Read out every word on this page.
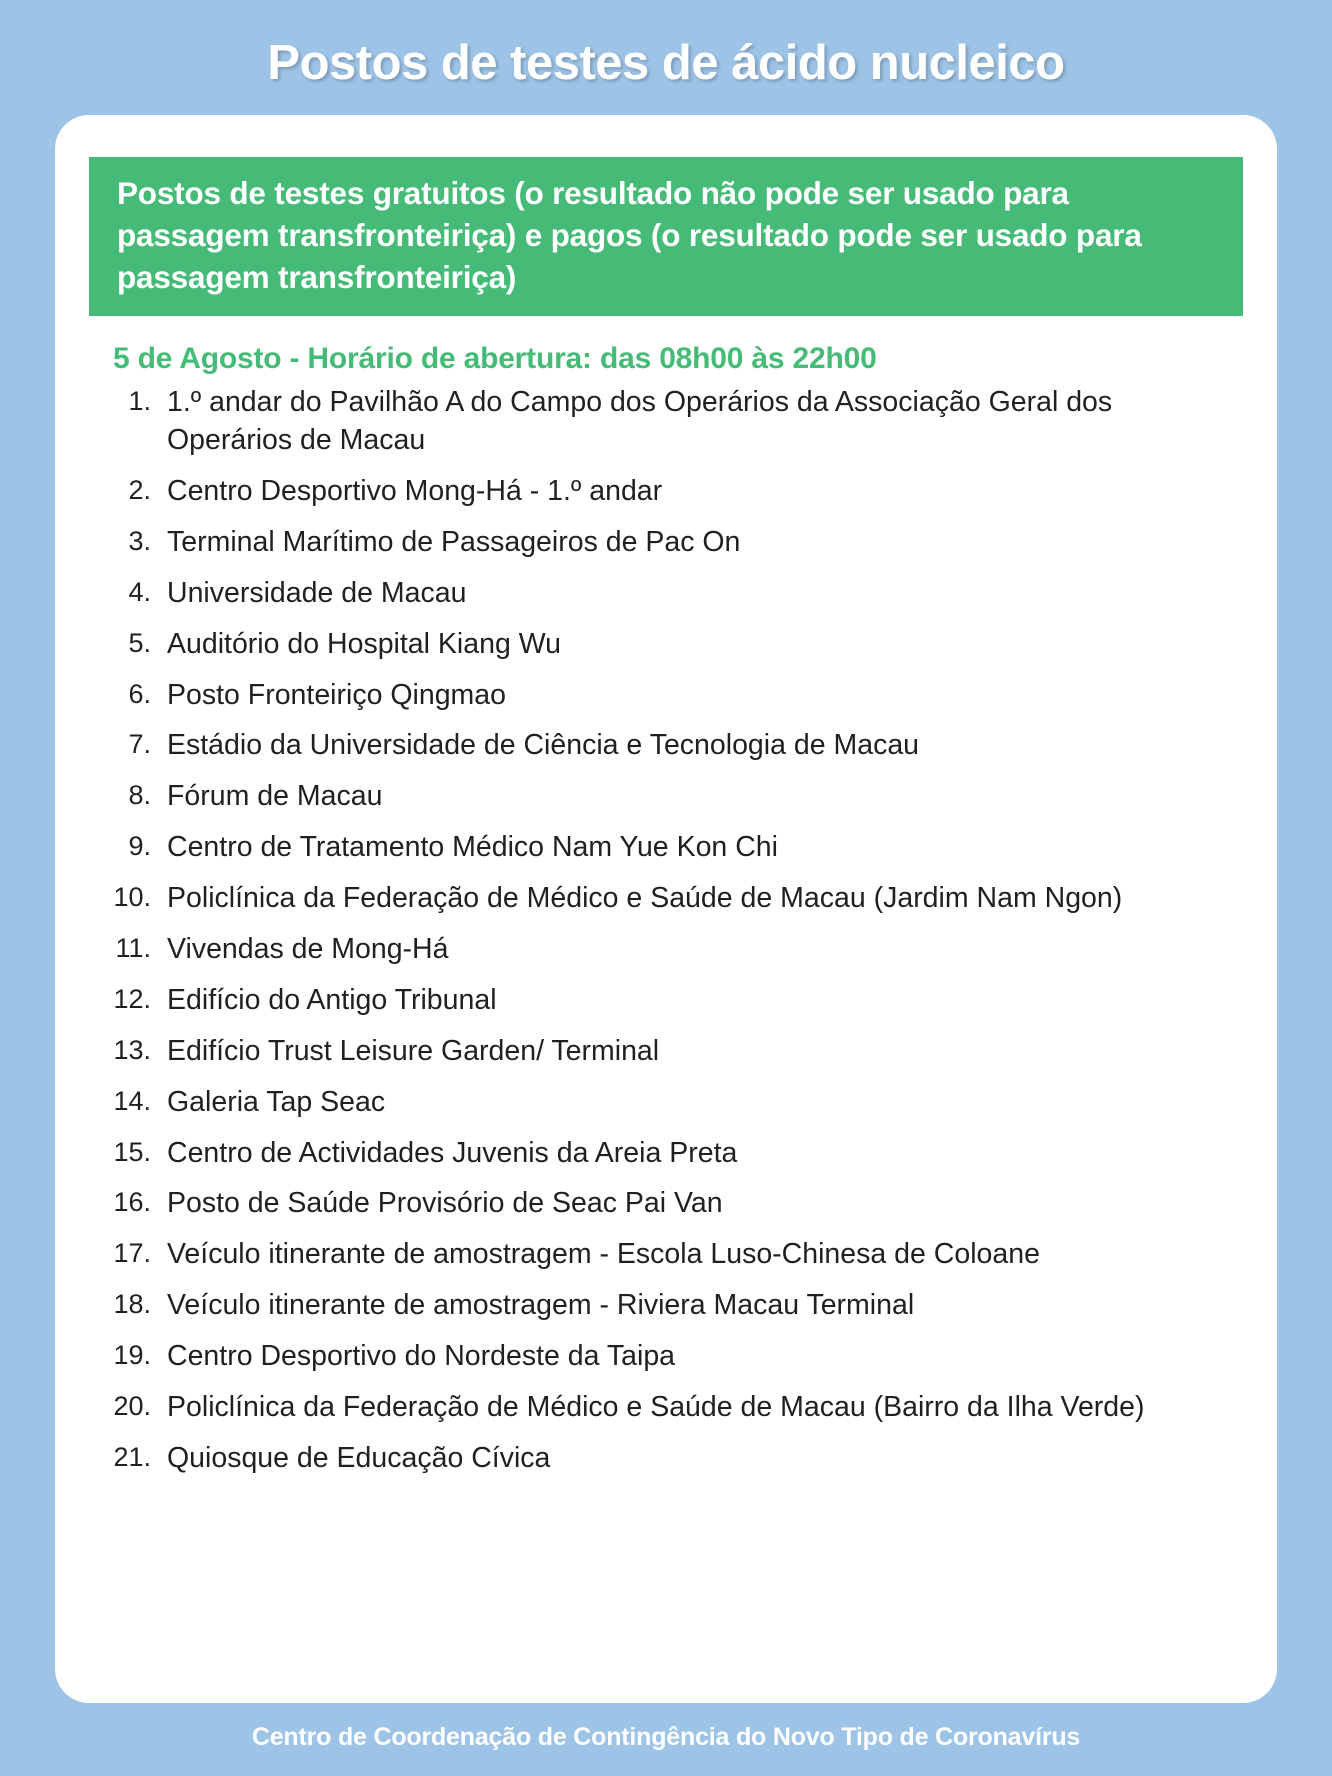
Postos de testes de ácido nucleico
Postos de testes gratuitos (o resultado não pode ser usado para passagem transfronteiriça) e pagos (o resultado pode ser usado para passagem transfronteiriça)
5 de Agosto - Horário de abertura: das 08h00 às 22h00
1. 1.º andar do Pavilhão A do Campo dos Operários da Associação Geral dos Operários de Macau
2. Centro Desportivo Mong-Há - 1.º andar
3. Terminal Marítimo de Passageiros de Pac On
4. Universidade de Macau
5. Auditório do Hospital Kiang Wu
6. Posto Fronteiriço Qingmao
7. Estádio da Universidade de Ciência e Tecnologia de Macau
8. Fórum de Macau
9. Centro de Tratamento Médico Nam Yue Kon Chi
10. Policlínica da Federação de Médico e Saúde de Macau (Jardim Nam Ngon)
11. Vivendas de Mong-Há
12. Edifício do Antigo Tribunal
13. Edifício Trust Leisure Garden/ Terminal
14. Galeria Tap Seac
15. Centro de Actividades Juvenis da Areia Preta
16. Posto de Saúde Provisório de Seac Pai Van
17. Veículo itinerante de amostragem - Escola Luso-Chinesa de Coloane
18. Veículo itinerante de amostragem - Riviera Macau Terminal
19. Centro Desportivo do Nordeste da Taipa
20. Policlínica da Federação de Médico e Saúde de Macau (Bairro da Ilha Verde)
21. Quiosque de Educação Cívica
Centro de Coordenação de Contingência do Novo Tipo de Coronavírus
